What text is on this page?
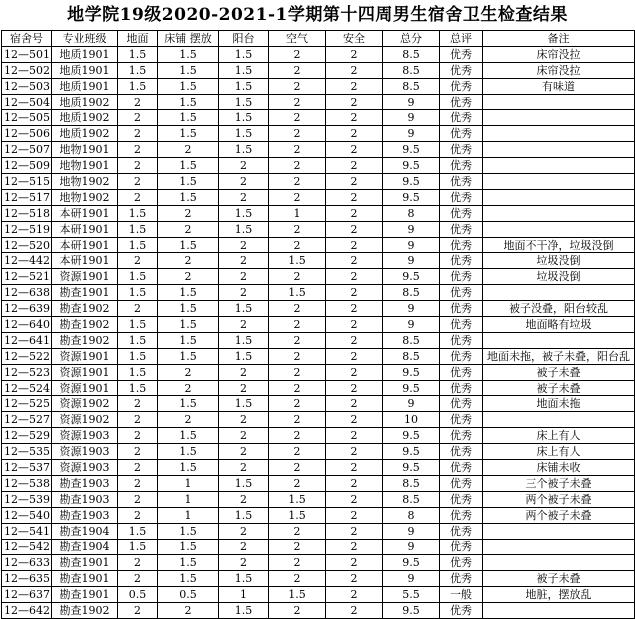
地学院19级2020-2021-1学期第十四周男生宿舍卫生检查结果
宿舍号	专业班级	地面	床铺 摆放	阳台	空气	安全	总分	总评	备注
12—501	地质1901	1.5	1.5	1.5	2	2	8.5	优秀	床帘没拉
12—502	地质1901	1.5	1.5	1.5	2	2	8.5	优秀	床帘没拉
12—503	地质1901	1.5	1.5	1.5	2	2	8.5	优秀	有味道
12—504	地质1902	2	1.5	1.5	2	2	9	优秀	
12—505	地质1902	2	1.5	1.5	2	2	9	优秀	
12—506	地质1902	2	1.5	1.5	2	2	9	优秀	
12—507	地物1901	2	2	1.5	2	2	9.5	优秀	
12—509	地物1901	2	1.5	2	2	2	9.5	优秀	
12—515	地物1902	2	1.5	2	2	2	9.5	优秀	
12—517	地物1902	2	1.5	2	2	2	9.5	优秀	
12—518	本研1901	1.5	2	1.5	1	2	8	优秀	
12—519	本研1901	1.5	2	1.5	2	2	9	优秀	
12—520	本研1901	1.5	1.5	2	2	2	9	优秀	地面不干净，垃圾没倒
12—442	本研1901	2	2	2	1.5	2	9	优秀	垃圾没倒
12—521	资源1901	1.5	2	2	2	2	9.5	优秀	垃圾没倒
12—638	勘查1901	1.5	1.5	2	1.5	2	8.5	优秀	
12—639	勘查1902	2	1.5	1.5	2	2	9	优秀	被子没叠，阳台较乱
12—640	勘查1902	1.5	1.5	2	2	2	9	优秀	地面略有垃圾
12—641	勘查1902	1.5	1.5	1.5	2	2	8.5	优秀	
12—522	资源1901	1.5	1.5	1.5	2	2	8.5	优秀	地面未拖，被子未叠，阳台乱
12—523	资源1901	1.5	2	2	2	2	9.5	优秀	被子未叠
12—524	资源1901	1.5	2	2	2	2	9.5	优秀	被子未叠
12—525	资源1902	2	1.5	1.5	2	2	9	优秀	地面未拖
12—527	资源1902	2	2	2	2	2	10	优秀	
12—529	资源1903	2	1.5	2	2	2	9.5	优秀	床上有人
12—535	资源1903	2	1.5	2	2	2	9.5	优秀	床上有人
12—537	资源1903	2	1.5	2	2	2	9.5	优秀	床铺未收
12—538	勘查1903	2	1	1.5	2	2	8.5	优秀	三个被子未叠
12—539	勘查1903	2	1	2	1.5	2	8.5	优秀	两个被子未叠
12—540	勘查1903	2	1	1.5	1.5	2	8	优秀	两个被子未叠
12—541	勘查1904	1.5	1.5	2	2	2	9	优秀	
12—542	勘查1904	1.5	1.5	2	2	2	9	优秀	
12—633	勘查1901	2	1.5	2	2	2	9.5	优秀	
12—635	勘查1901	2	1.5	1.5	2	2	9	优秀	被子未叠
12—637	勘查1901	0.5	0.5	1	1.5	2	5.5	一般	地脏，摆放乱
12—642	勘查1902	2	2	1.5	2	2	9.5	优秀	
